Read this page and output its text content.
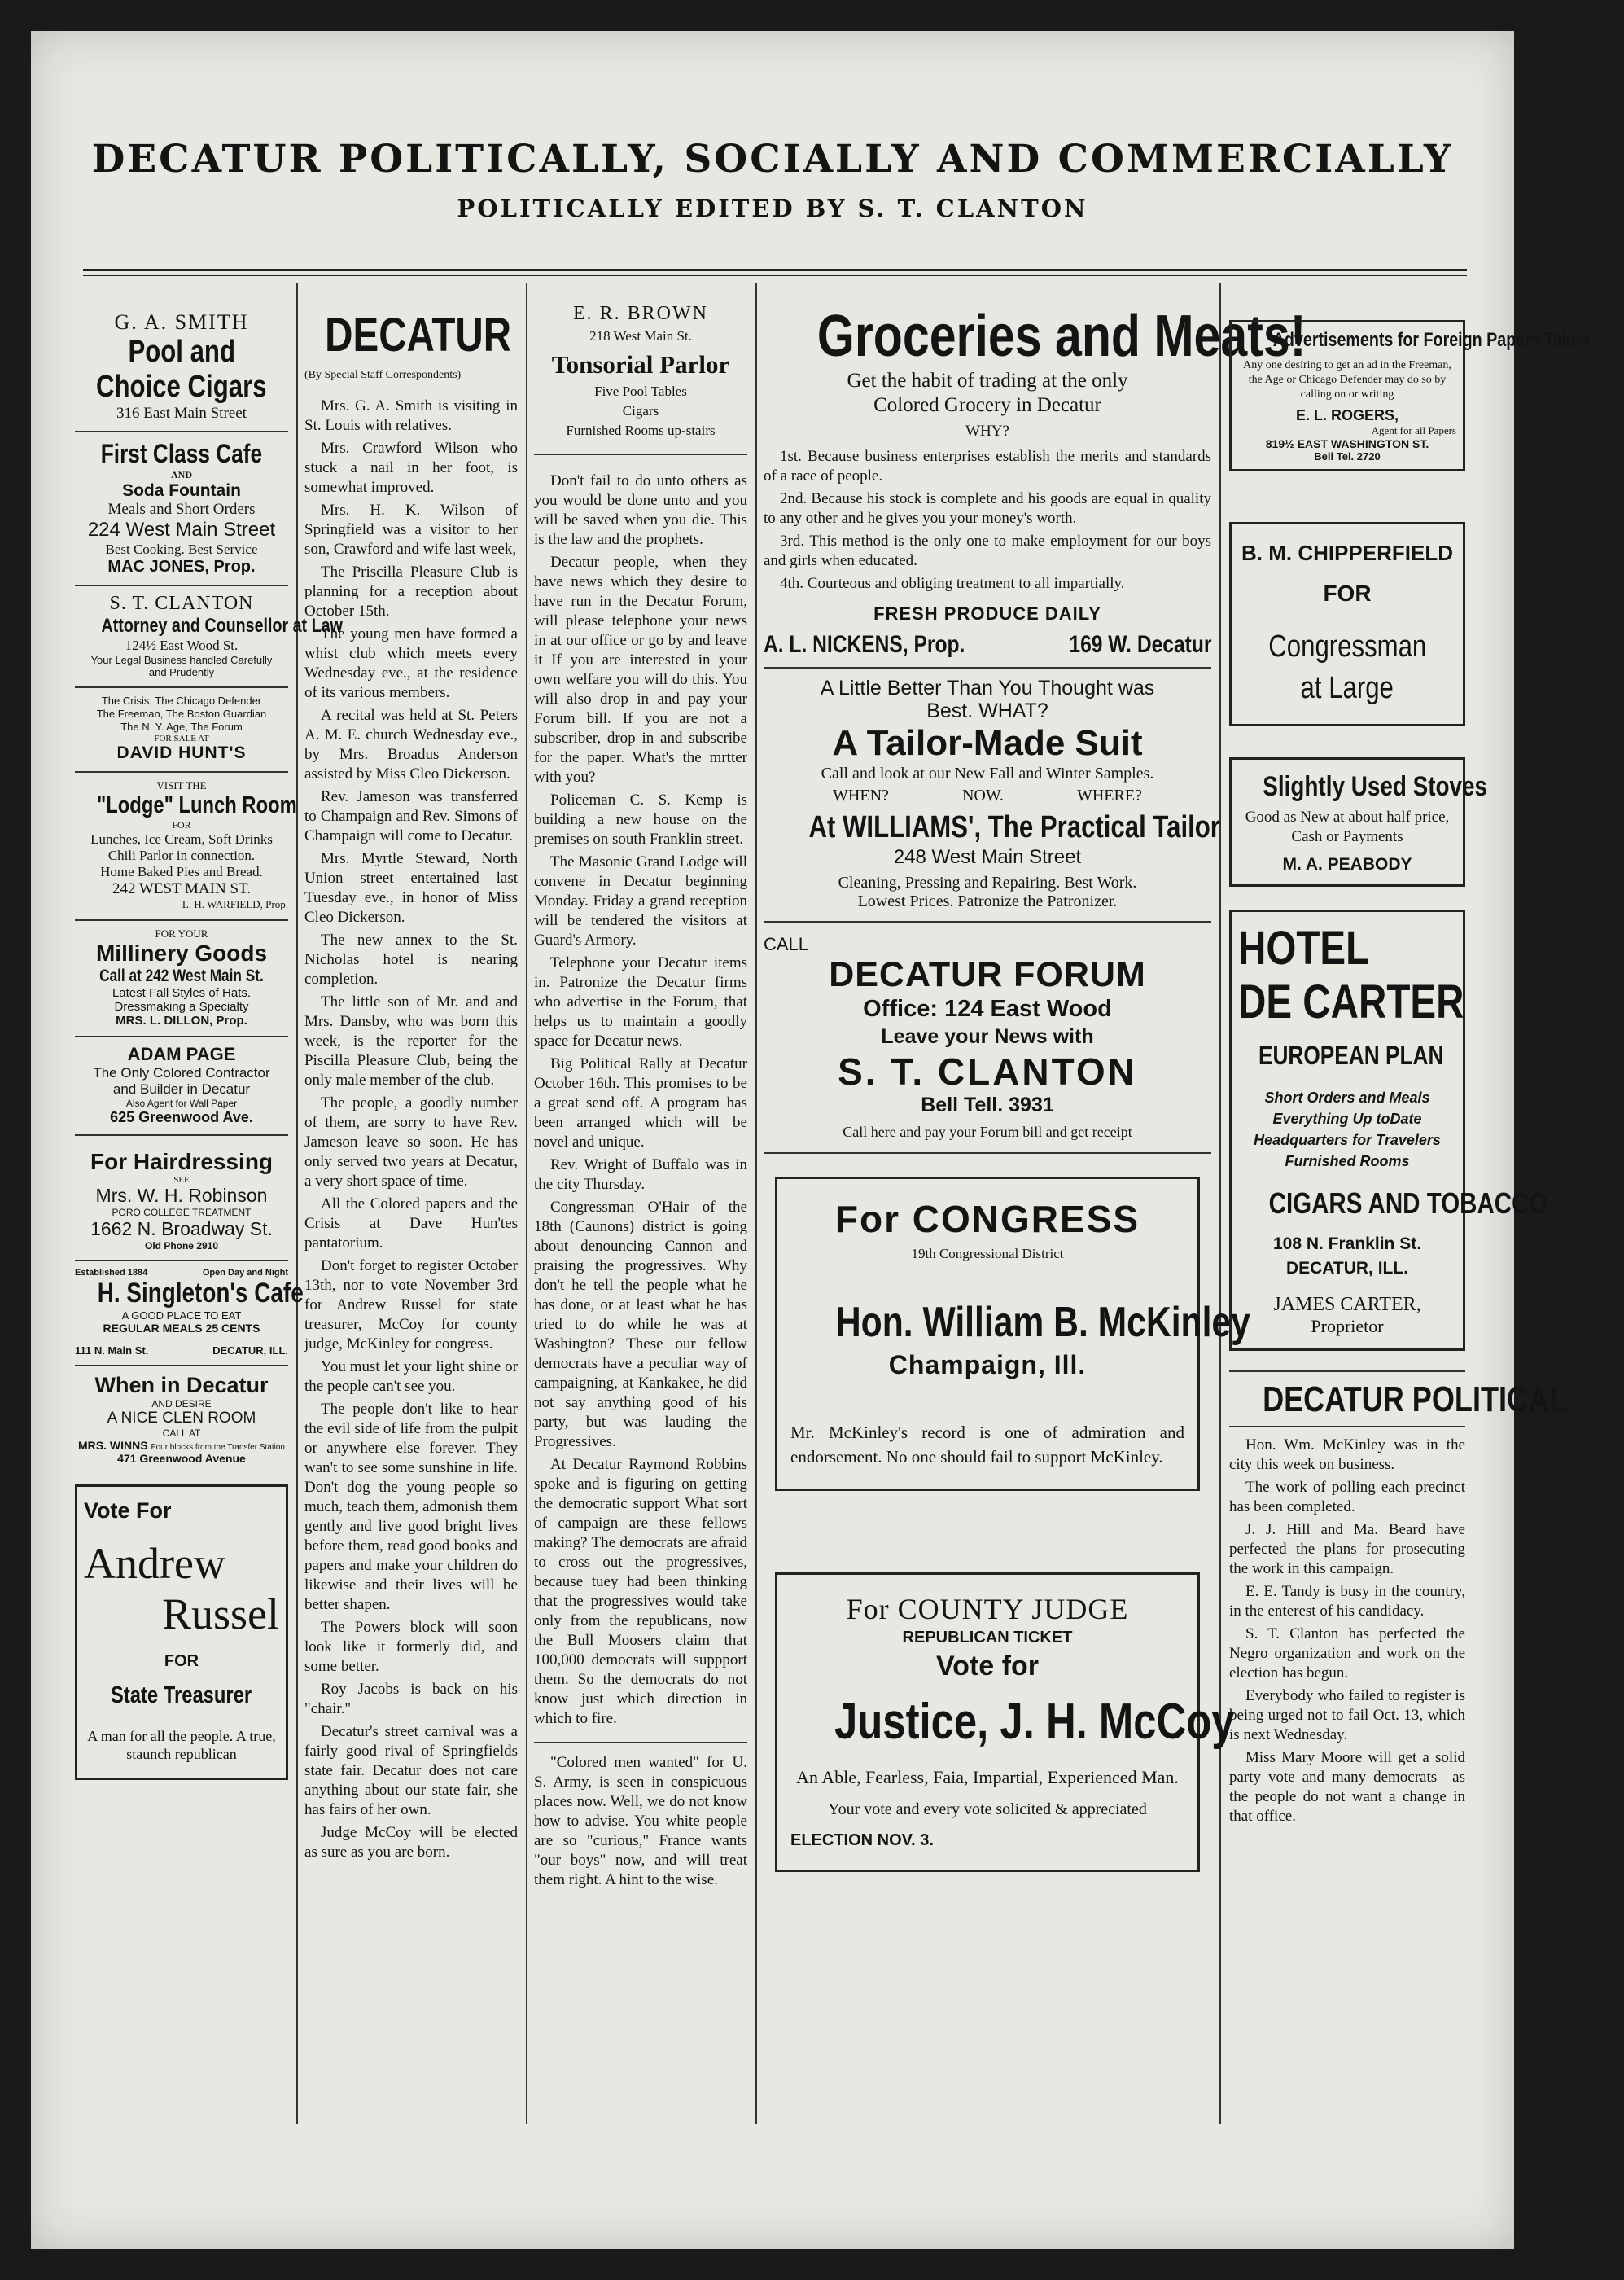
DECATUR POLITICALLY, SOCIALLY AND COMMERCIALLY
POLITICALLY EDITED BY S. T. CLANTON

G. A. SMITH

Pool and

Choice Cigars

316 East Main Street

First Class Cafe

AND

Soda Fountain

Meals and Short Orders

224 West Main Street

Best Cooking. Best Service

MAC JONES, Prop.

S. T. CLANTON

Attorney and Counsellor at Law

124½ East Wood St.

Your Legal Business handled Carefully

and Prudently

The Crisis, The Chicago Defender

The Freeman, The Boston Guardian

The N. Y. Age, The Forum

FOR SALE AT

DAVID HUNT'S

VISIT THE

"Lodge" Lunch Room

FOR

Lunches, Ice Cream, Soft Drinks

Chili Parlor in connection.

Home Baked Pies and Bread.

242 WEST MAIN ST.

L. H. WARFIELD, Prop.

FOR YOUR

Millinery Goods

Call at 242 West Main St.

Latest Fall Styles of Hats.

Dressmaking a Specialty

MRS. L. DILLON, Prop.

ADAM PAGE

The Only Colored Contractor

and Builder in Decatur

Also Agent for Wall Paper

625 Greenwood Ave.

For Hairdressing

SEE

Mrs. W. H. Robinson

PORO COLLEGE TREATMENT

1662 N. Broadway St.

Old Phone 2910

Established 1884	Open Day and Night

H. Singleton's Cafe

A GOOD PLACE TO EAT

REGULAR MEALS 25 CENTS

111 N. Main St.	DECATUR, ILL.

When in Decatur

AND DESIRE

A NICE CLEN ROOM

CALL AT

MRS. WINNS Four blocks from the Transfer Station

471 Greenwood Avenue

Vote For

Andrew

Russel

FOR

State Treasurer

A man for all the people. A true, staunch republican

DECATUR

(By Special Staff Correspondents)

Mrs. G. A. Smith is visiting in St. Louis with relatives.

Mrs. Crawford Wilson who stuck a nail in her foot, is somewhat improved.

Mrs. H. K. Wilson of Springfield was a visitor to her son, Crawford and wife last week,

The Priscilla Pleasure Club is planning for a reception about October 15th.

The young men have formed a whist club which meets every Wednesday eve., at the residence of its various members.

A recital was held at St. Peters A. M. E. church Wednesday eve., by Mrs. Broadus Anderson assisted by Miss Cleo Dickerson.

Rev. Jameson was transferred to Champaign and Rev. Simons of Champaign will come to Decatur.

Mrs. Myrtle Steward, North Union street entertained last Tuesday eve., in honor of Miss Cleo Dickerson.

The new annex to the St. Nicholas hotel is nearing completion.

The little son of Mr. and and Mrs. Dansby, who was born this week, is the reporter for the Piscilla Pleasure Club, being the only male member of the club.

The people, a goodly number of them, are sorry to have Rev. Jameson leave so soon. He has only served two years at Decatur, a very short space of time.

All the Colored papers and the Crisis at Dave Hun'tes pantatorium.

Don't forget to register October 13th, nor to vote November 3rd for Andrew Russel for state treasurer, McCoy for county judge, McKinley for congress.

You must let your light shine or the people can't see you.

The people don't like to hear the evil side of life from the pulpit or anywhere else forever. They wan't to see some sunshine in life. Don't dog the young people so much, teach them, admonish them gently and live good bright lives before them, read good books and papers and make your children do likewise and their lives will be better shapen.

The Powers block will soon look like it formerly did, and some better.

Roy Jacobs is back on his "chair."

Decatur's street carnival was a fairly good rival of Springfields state fair. Decatur does not care anything about our state fair, she has fairs of her own.

Judge McCoy will be elected as sure as you are born.

E. R. BROWN

218 West Main St.

Tonsorial Parlor

Five Pool Tables

Cigars

Furnished Rooms up-stairs

Don't fail to do unto others as you would be done unto and you will be saved when you die. This is the law and the prophets.

Decatur people, when they have news which they desire to have run in the Decatur Forum, will please telephone your news in at our office or go by and leave it If you are interested in your own welfare you will do this. You will also drop in and pay your Forum bill. If you are not a subscriber, drop in and subscribe for the paper. What's the mrtter with you?

Policeman C. S. Kemp is building a new house on the premises on south Franklin street.

The Masonic Grand Lodge will convene in Decatur beginning Monday. Friday a grand reception will be tendered the visitors at Guard's Armory.

Telephone your Decatur items in. Patronize the Decatur firms who advertise in the Forum, that helps us to maintain a goodly space for Decatur news.

Big Political Rally at Decatur October 16th. This promises to be a great send off. A program has been arranged which will be novel and unique.

Rev. Wright of Buffalo was in the city Thursday.

Congressman O'Hair of the 18th (Caunons) district is going about denouncing Cannon and praising the progressives. Why don't he tell the people what he has done, or at least what he has tried to do while he was at Washington? These our fellow democrats have a peculiar way of campaigning, at Kankakee, he did not say anything good of his party, but was lauding the Progressives.

At Decatur Raymond Robbins spoke and is figuring on getting the democratic support What sort of campaign are these fellows making? The democrats are afraid to cross out the progressives, because tuey had been thinking that the progressives would take only from the republicans, now the Bull Moosers claim that 100,000 democrats will suppport them. So the democrats do not know just which direction in which to fire.

"Colored men wanted" for U. S. Army, is seen in conspicuous places now. Well, we do not know how to advise. You white people are so "curious," France wants "our boys" now, and will treat them right. A hint to the wise.

Groceries and Meats!

Get the habit of trading at the only

Colored Grocery in Decatur

WHY?

1st. Because business enterprises establish the merits and standards of a race of people.

2nd. Because his stock is complete and his goods are equal in quality to any other and he gives you your money's worth.

3rd. This method is the only one to make employment for our boys and girls when educated.

4th. Courteous and obliging treatment to all impartially.

FRESH PRODUCE DAILY

A. L. NICKENS, Prop.	169 W. Decatur

A Little Better Than You Thought was

Best. WHAT?

A Tailor-Made Suit

Call and look at our New Fall and Winter Samples.

WHEN?	NOW.	WHERE?

At WILLIAMS', The Practical Tailor

248 West Main Street

Cleaning, Pressing and Repairing. Best Work.

Lowest Prices. Patronize the Patronizer.

CALL

DECATUR FORUM

Office: 124 East Wood

Leave your News with

S. T. CLANTON

Bell Tell. 3931

Call here and pay your Forum bill and get receipt

For CONGRESS

19th Congressional District

Hon. William B. McKinley

Champaign, Ill.

Mr. McKinley's record is one of admiration and endorsement. No one should fail to support McKinley.

For COUNTY JUDGE

REPUBLICAN TICKET

Vote for

Justice, J. H. McCoy

An Able, Fearless, Faia, Impartial, Experienced Man.

Your vote and every vote solicited & appreciated

ELECTION NOV. 3.

Advertisements for Foreign Papers Taken

Any one desiring to get an ad in the Freeman, the Age or Chicago Defender may do so by calling on or writing

E. L. ROGERS,

Agent for all Papers

819½ EAST WASHINGTON ST.

Bell Tel. 2720

B. M. CHIPPERFIELD

FOR

Congressman

at Large

Slightly Used Stoves

Good as New at about half price, Cash or Payments

M. A. PEABODY

HOTEL

DE CARTER

EUROPEAN PLAN

Short Orders and Meals

Everything Up toDate

Headquarters for Travelers

Furnished Rooms

CIGARS AND TOBACCO

108 N. Franklin St.

DECATUR, ILL.

JAMES CARTER,

Proprietor

DECATUR POLITICAL

Hon. Wm. McKinley was in the city this week on business.

The work of polling each precinct has been completed.

J. J. Hill and Ma. Beard have perfected the plans for prosecuting the work in this campaign.

E. E. Tandy is busy in the country, in the enterest of his candidacy.

S. T. Clanton has perfected the Negro organization and work on the election has begun.

Everybody who failed to register is being urged not to fail Oct. 13, which is next Wednesday.

Miss Mary Moore will get a solid party vote and many democrats—as the people do not want a change in that office.
